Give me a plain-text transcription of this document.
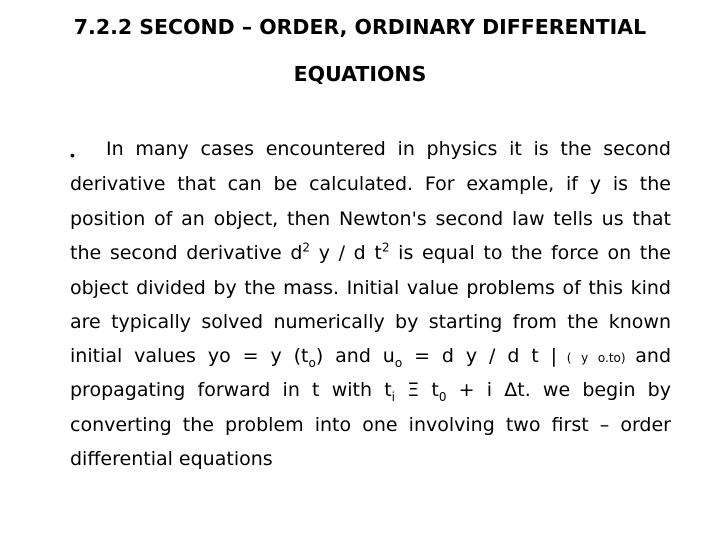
7.2.2 SECOND – ORDER, ORDINARY DIFFERENTIAL
EQUATIONS
• In many cases encountered in physics it is the second
derivative that can be calculated. For example, if y is the
position of an object, then Newton's second law tells us that
the second derivative $d^2$ y / d $t^2$ is equal to the force on the
object divided by the mass. Initial value problems of this kind
are typically solved numerically by starting from the known
initial values yo = y $(t_o)$ and $u_o = d$ y / d t | ( y o.to) and
propagating forward in t with $t_i$ Ξ $t_0 + i$ Δt. we begin by
converting the problem into one involving two first – order
differential equations
